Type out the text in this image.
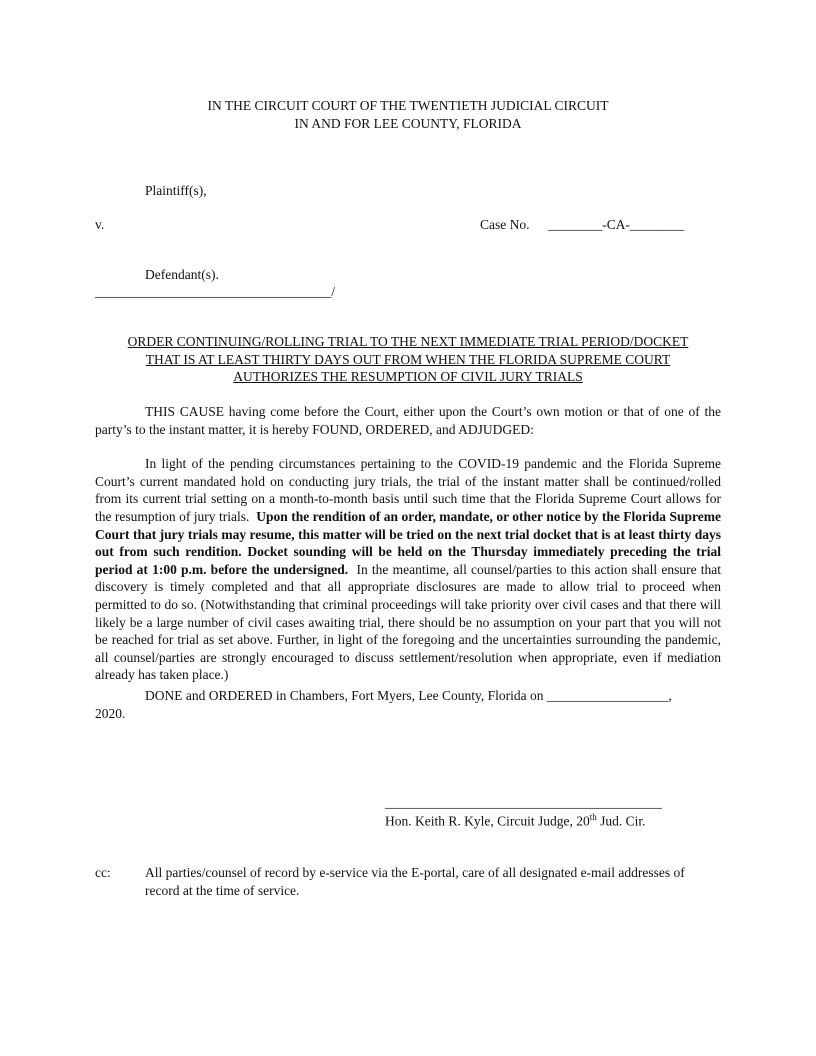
IN THE CIRCUIT COURT OF THE TWENTIETH JUDICIAL CIRCUIT
IN AND FOR LEE COUNTY, FLORIDA
Plaintiff(s),
v.	Case No. ________-CA-________
Defendant(s).
___________________________________/
ORDER CONTINUING/ROLLING TRIAL TO THE NEXT IMMEDIATE TRIAL PERIOD/DOCKET
THAT IS AT LEAST THIRTY DAYS OUT FROM WHEN THE FLORIDA SUPREME COURT
AUTHORIZES THE RESUMPTION OF CIVIL JURY TRIALS

THIS CAUSE having come before the Court, either upon the Court’s own motion or that of one of the party’s to the instant matter, it is hereby FOUND, ORDERED, and ADJUDGED:

In light of the pending circumstances pertaining to the COVID-19 pandemic and the Florida Supreme Court’s current mandated hold on conducting jury trials, the trial of the instant matter shall be continued/rolled from its current trial setting on a month-to-month basis until such time that the Florida Supreme Court allows for the resumption of jury trials. Upon the rendition of an order, mandate, or other notice by the Florida Supreme Court that jury trials may resume, this matter will be tried on the next trial docket that is at least thirty days out from such rendition. Docket sounding will be held on the Thursday immediately preceding the trial period at 1:00 p.m. before the undersigned. In the meantime, all counsel/parties to this action shall ensure that discovery is timely completed and that all appropriate disclosures are made to allow trial to proceed when permitted to do so. (Notwithstanding that criminal proceedings will take priority over civil cases and that there will likely be a large number of civil cases awaiting trial, there should be no assumption on your part that you will not be reached for trial as set above. Further, in light of the foregoing and the uncertainties surrounding the pandemic, all counsel/parties are strongly encouraged to discuss settlement/resolution when appropriate, even if mediation already has taken place.)

DONE and ORDERED in Chambers, Fort Myers, Lee County, Florida on __________________,

2020.

_________________________________________
Hon. Keith R. Kyle, Circuit Judge, 20th Jud. Cir.
cc:	All parties/counsel of record by e-service via the E-portal, care of all designated e-mail addresses of record at the time of service.
